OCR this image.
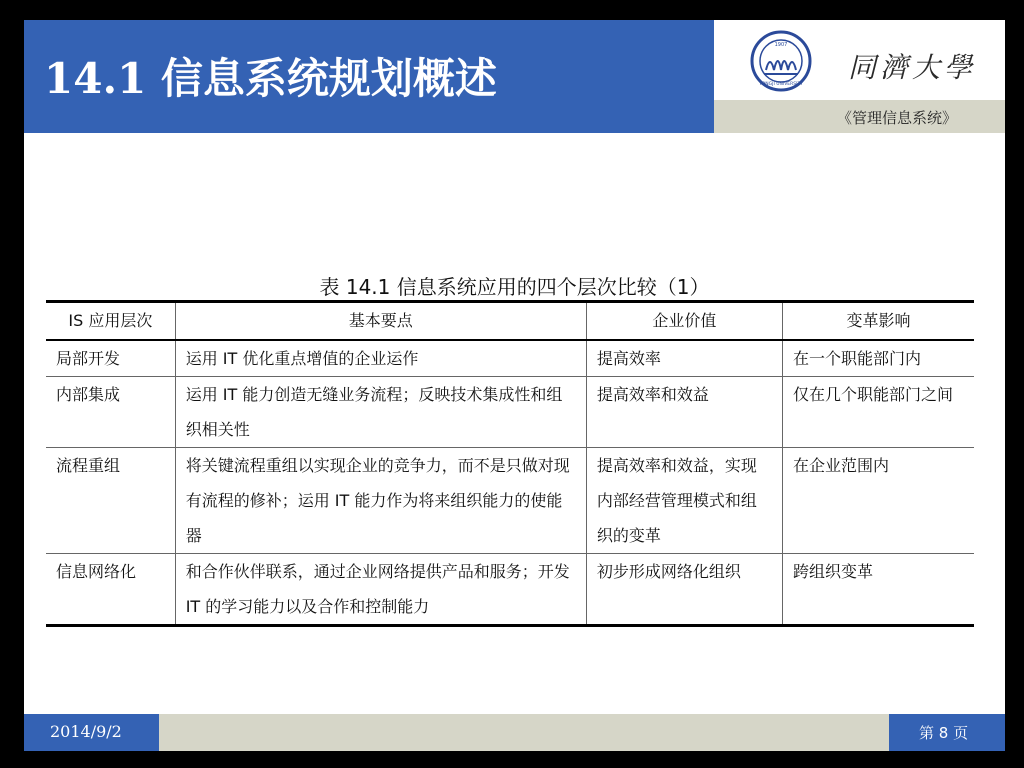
14.1 信息系统规划概述
1907
TONGJI UNIVERSITY
同濟大學
《管理信息系统》
表 14.1 信息系统应用的四个层次比较（1）
IS 应用层次	基本要点	企业价值	变革影响
局部开发	运用 IT 优化重点增值的企业运作	提高效率	在一个职能部门内
内部集成	运用 IT 能力创造无缝业务流程；反映技术集成性和组织相关性	提高效率和效益	仅在几个职能部门之间
流程重组	将关键流程重组以实现企业的竞争力，而不是只做对现有流程的修补；运用 IT 能力作为将来组织能力的使能器	提高效率和效益，实现内部经营管理模式和组织的变革	在企业范围内
信息网络化	和合作伙伴联系，通过企业网络提供产品和服务；开发 IT 的学习能力以及合作和控制能力	初步形成网络化组织	跨组织变革
2014/9/2	第 8 页
